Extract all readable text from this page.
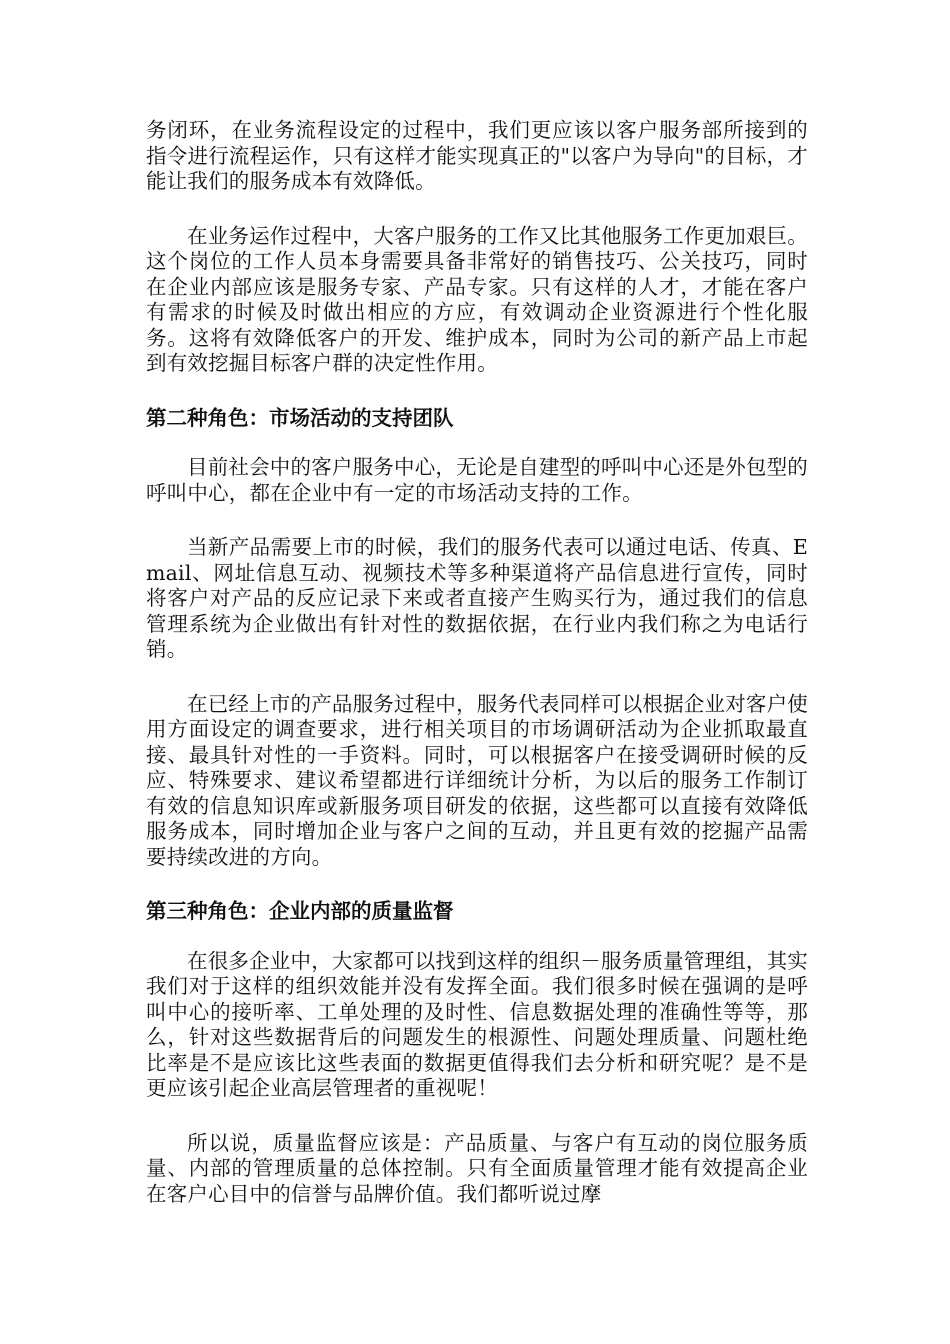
务闭环，在业务流程设定的过程中，我们更应该以客户服务部所接到的指令进行流程运作，只有这样才能实现真正的"以客户为导向"的目标，才能让我们的服务成本有效降低。

在业务运作过程中，大客户服务的工作又比其他服务工作更加艰巨。这个岗位的工作人员本身需要具备非常好的销售技巧、公关技巧，同时在企业内部应该是服务专家、产品专家。只有这样的人才，才能在客户有需求的时候及时做出相应的方应，有效调动企业资源进行个性化服务。这将有效降低客户的开发、维护成本，同时为公司的新产品上市起到有效挖掘目标客户群的决定性作用。

第二种角色：市场活动的支持团队

目前社会中的客户服务中心，无论是自建型的呼叫中心还是外包型的呼叫中心，都在企业中有一定的市场活动支持的工作。

当新产品需要上市的时候，我们的服务代表可以通过电话、传真、Email、网址信息互动、视频技术等多种渠道将产品信息进行宣传，同时将客户对产品的反应记录下来或者直接产生购买行为，通过我们的信息管理系统为企业做出有针对性的数据依据，在行业内我们称之为电话行销。

在已经上市的产品服务过程中，服务代表同样可以根据企业对客户使用方面设定的调查要求，进行相关项目的市场调研活动为企业抓取最直接、最具针对性的一手资料。同时，可以根据客户在接受调研时候的反应、特殊要求、建议希望都进行详细统计分析，为以后的服务工作制订有效的信息知识库或新服务项目研发的依据，这些都可以直接有效降低服务成本，同时增加企业与客户之间的互动，并且更有效的挖掘产品需要持续改进的方向。

第三种角色：企业内部的质量监督

在很多企业中，大家都可以找到这样的组织－服务质量管理组，其实我们对于这样的组织效能并没有发挥全面。我们很多时候在强调的是呼叫中心的接听率、工单处理的及时性、信息数据处理的准确性等等，那么，针对这些数据背后的问题发生的根源性、问题处理质量、问题杜绝比率是不是应该比这些表面的数据更值得我们去分析和研究呢？是不是更应该引起企业高层管理者的重视呢！

所以说，质量监督应该是：产品质量、与客户有互动的岗位服务质量、内部的管理质量的总体控制。只有全面质量管理才能有效提高企业在客户心目中的信誉与品牌价值。我们都听说过摩
